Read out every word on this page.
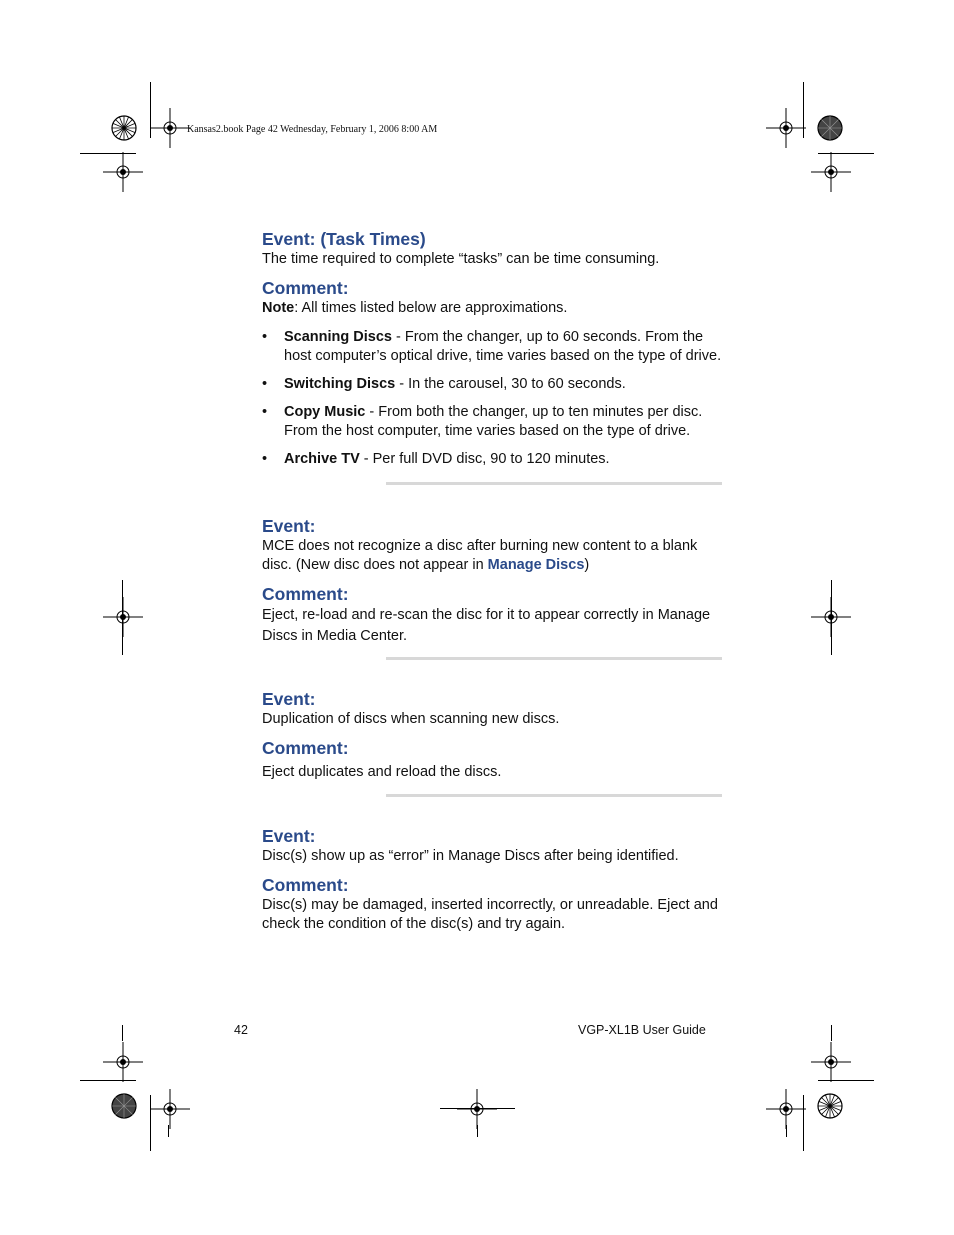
Kansas2.book Page 42 Wednesday, February 1, 2006 8:00 AM
Event: (Task Times)

The time required to complete “tasks” can be time consuming.

Comment:

Note: All times listed below are approximations.

• Scanning Discs - From the changer, up to 60 seconds. From the host computer’s optical drive, time varies based on the type of drive.
• Switching Discs - In the carousel, 30 to 60 seconds.
• Copy Music - From both the changer, up to ten minutes per disc. From the host computer, time varies based on the type of drive.
• Archive TV - Per full DVD disc, 90 to 120 minutes.
Event:

MCE does not recognize a disc after burning new content to a blank disc. (New disc does not appear in Manage Discs)

Comment:

Eject, re-load and re-scan the disc for it to appear correctly in Manage Discs in Media Center.

Event:

Duplication of discs when scanning new discs.

Comment:

Eject duplicates and reload the discs.

Event:

Disc(s) show up as “error” in Manage Discs after being identified.

Comment:

Disc(s) may be damaged, inserted incorrectly, or unreadable. Eject and check the condition of the disc(s) and try again.

42	VGP-XL1B User Guide
